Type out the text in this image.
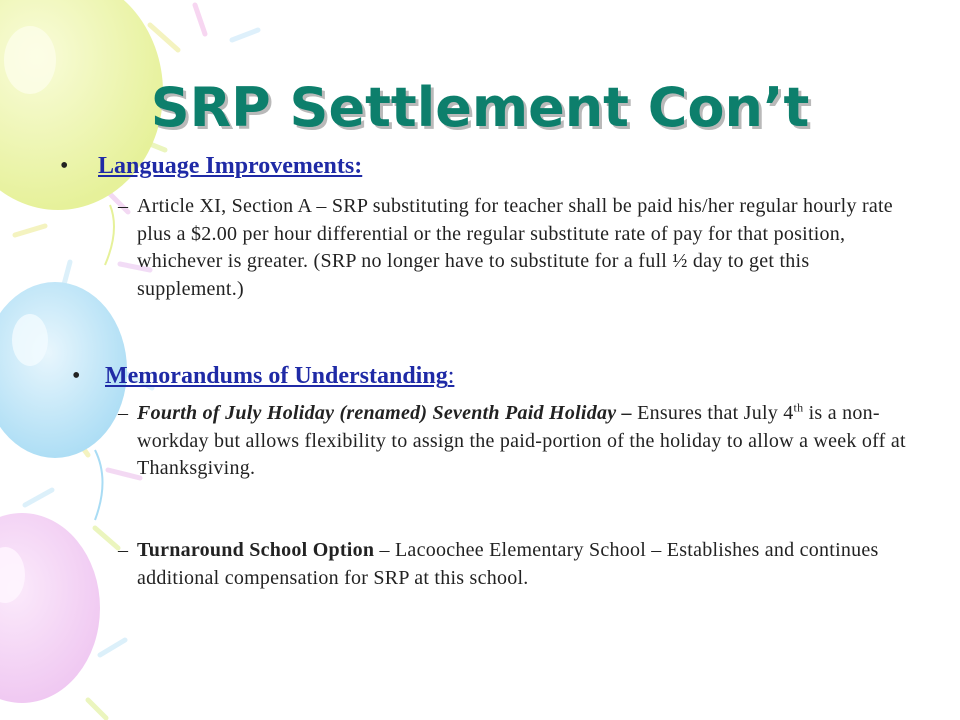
SRP Settlement Con’t
• Language Improvements:

– Article XI, Section A – SRP substituting for teacher shall be paid his/her regular hourly rate plus a $2.00 per hour differential or the regular substitute rate of pay for that position, whichever is greater. (SRP no longer have to substitute for a full ½ day to get this supplement.)

• Memorandums of Understanding:

– Fourth of July Holiday (renamed) Seventh Paid Holiday – Ensures that July 4th is a non-workday but allows flexibility to assign the paid-portion of the holiday to allow a week off at Thanksgiving.

– Turnaround School Option – Lacoochee Elementary School – Establishes and continues additional compensation for SRP at this school.
